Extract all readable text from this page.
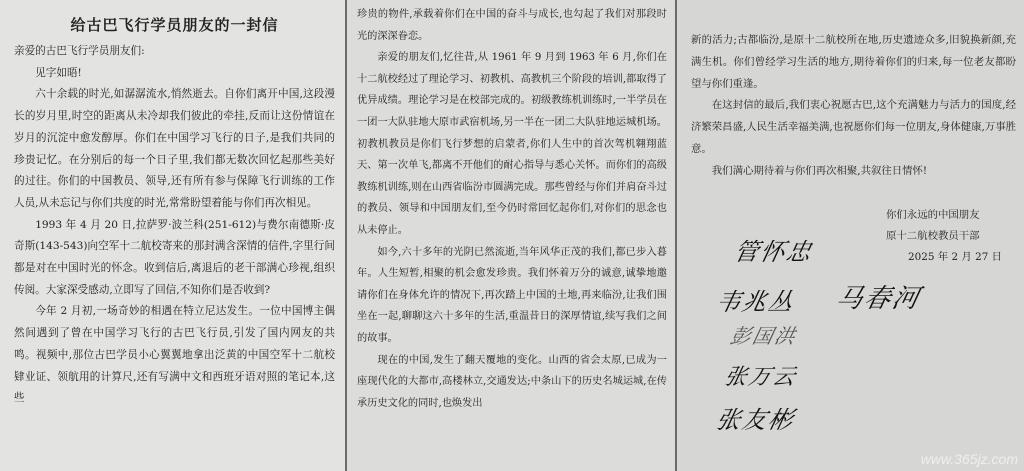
给古巴飞行学员朋友的一封信

亲爱的古巴飞行学员朋友们:

见字如晤!

六十余载的时光,如潺潺流水,悄然逝去。自你们离开中国,这段漫长的岁月里,时空的距离从未冷却我们彼此的牵挂,反而让这份情谊在岁月的沉淀中愈发醇厚。你们在中国学习飞行的日子,是我们共同的珍贵记忆。在分别后的每一个日子里,我们都无数次回忆起那些美好的过往。你们的中国教员、领导,还有所有参与保障飞行训练的工作人员,从未忘记与你们共度的时光,常常盼望着能与你们再次相见。

1993 年 4 月 20 日,拉萨罗·波兰科(251-612)与费尔南德斯·皮奇斯(143-543)向空军十二航校寄来的那封满含深情的信件,字里行间都是对在中国时光的怀念。收到信后,离退后的老干部满心珍视,组织传阅。大家深受感动,立即写了回信,不知你们是否收到?

今年 2 月初,一场奇妙的相遇在特立尼达发生。一位中国博主偶然间遇到了曾在中国学习飞行的古巴飞行员,引发了国内网友的共鸣。视频中,那位古巴学员小心翼翼地拿出泛黄的中国空军十二航校肄业证、领航用的计算尺,还有写满中文和西班牙语对照的笔记本,这些

珍贵的物件,承载着你们在中国的奋斗与成长,也勾起了我们对那段时光的深深眷恋。

亲爱的朋友们,忆往昔,从 1961 年 9 月到 1963 年 6 月,你们在十二航校经过了理论学习、初教机、高教机三个阶段的培训,都取得了优异成绩。理论学习是在校部完成的。初级教练机训练时,一半学员在一团一大队驻地大原市武宿机场,另一半在一团二大队驻地运城机场。初教机教员是你们飞行梦想的启蒙者,你们人生中的首次驾机翱翔蓝天、第一次单飞,都离不开他们的耐心指导与悉心关怀。而你们的高级教练机训练,则在山西省临汾市圆满完成。那些曾经与你们并肩奋斗过的教员、领导和中国朋友们,至今仍时常回忆起你们,对你们的思念也从未停止。

如今,六十多年的光阴已然流逝,当年风华正茂的我们,都已步入暮年。人生短暂,相聚的机会愈发珍贵。我们怀着万分的诚意,诚挚地邀请你们在身体允许的情况下,再次踏上中国的土地,再来临汾,让我们围坐在一起,聊聊这六十多年的生活,重温昔日的深厚情谊,续写我们之间的故事。

现在的中国,发生了翻天覆地的变化。山西的省会太原,已成为一座现代化的大都市,高楼林立,交通发达;中条山下的历史名城运城,在传承历史文化的同时,也焕发出

新的活力;古都临汾,是原十二航校所在地,历史遗迹众多,旧貌换新颜,充满生机。你们曾经学习生活的地方,期待着你们的归来,每一位老友都盼望与你们重逢。

在这封信的最后,我们衷心祝愿古巴,这个充满魅力与活力的国度,经济繁荣昌盛,人民生活幸福美满,也祝愿你们每一位朋友,身体健康,万事胜意。

我们满心期待着与你们再次相聚,共叙往日情怀!

你们永远的中国朋友
原十二航校教员干部
2025 年 2 月 27 日
管怀忠
韦兆丛 马春河
彭国洪
张万云
张友彬
www.365jz.com
